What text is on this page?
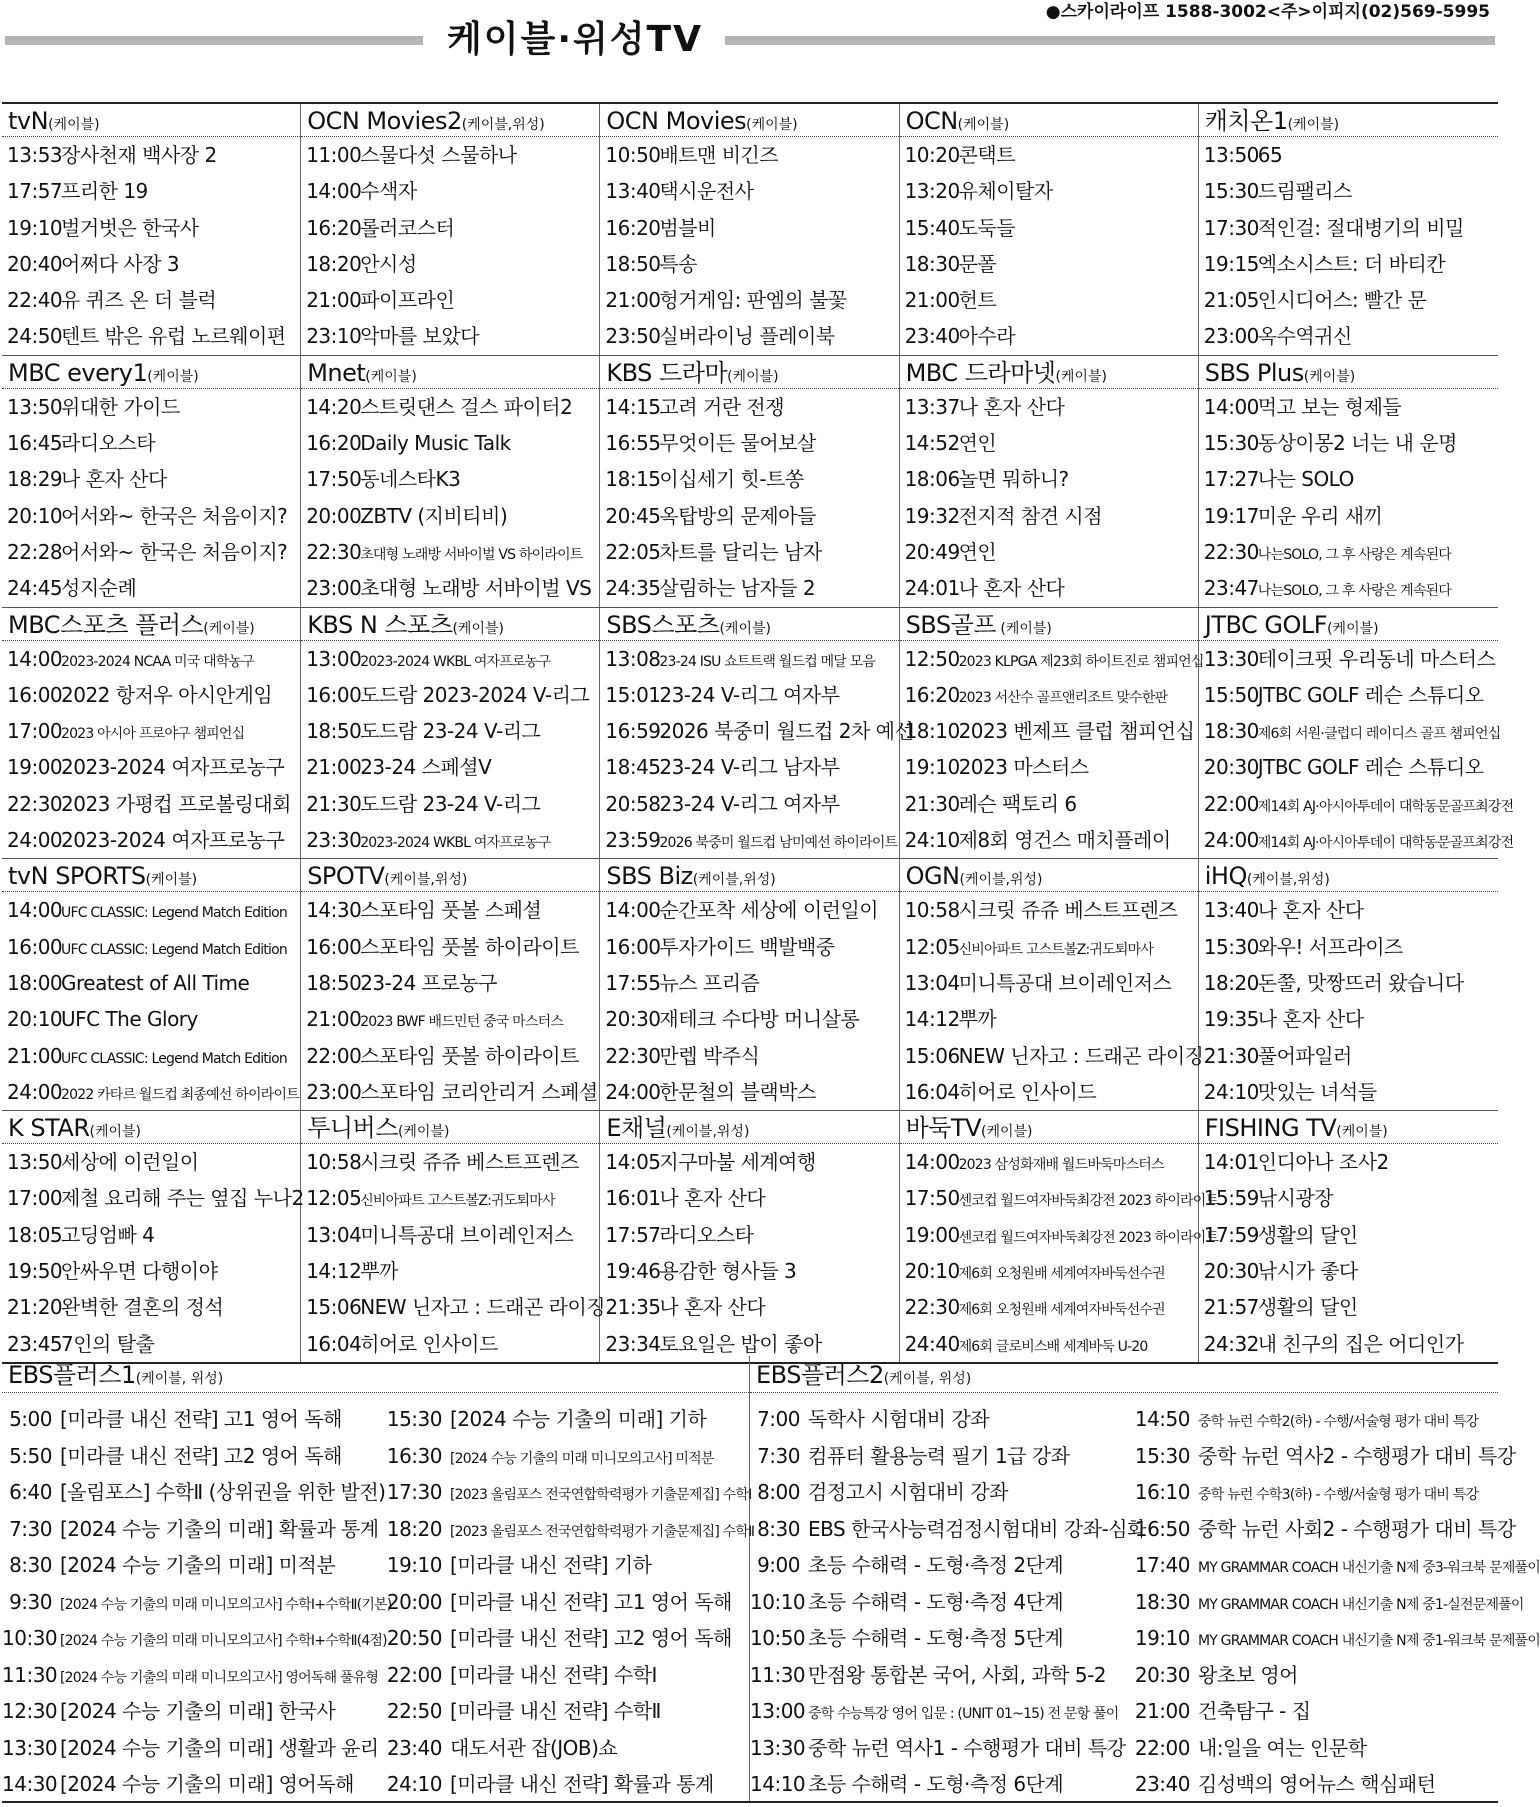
케이블·위성TV
●스카이라이프 1588-3002<주>이피지(02)569-5995
tvN(케이블)
13:53장사천재 백사장 2
17:57프리한 19
19:10벌거벗은 한국사
20:40어쩌다 사장 3
22:40유 퀴즈 온 더 블럭
24:50텐트 밖은 유럽 노르웨이편
OCN Movies2(케이블,위성)
11:00스물다섯 스물하나
14:00수색자
16:20롤러코스터
18:20안시성
21:00파이프라인
23:10악마를 보았다
OCN Movies(케이블)
10:50배트맨 비긴즈
13:40택시운전사
16:20범블비
18:50특송
21:00헝거게임: 판엠의 불꽃
23:50실버라이닝 플레이북
OCN(케이블)
10:20콘택트
13:20유체이탈자
15:40도둑들
18:30문폴
21:00헌트
23:40아수라
캐치온1(케이블)
13:5065
15:30드림팰리스
17:30적인걸: 절대병기의 비밀
19:15엑소시스트: 더 바티칸
21:05인시디어스: 빨간 문
23:00옥수역귀신
MBC every1(케이블)
13:50위대한 가이드
16:45라디오스타
18:29나 혼자 산다
20:10어서와~ 한국은 처음이지?
22:28어서와~ 한국은 처음이지?
24:45성지순례
Mnet(케이블)
14:20스트릿댄스 걸스 파이터2
16:20Daily Music Talk
17:50동네스타K3
20:00ZBTV (지비티비)
22:30초대형 노래방 서바이벌 VS 하이라이트
23:00초대형 노래방 서바이벌 VS
KBS 드라마(케이블)
14:15고려 거란 전쟁
16:55무엇이든 물어보살
18:15이십세기 힛-트쏭
20:45옥탑방의 문제아들
22:05차트를 달리는 남자
24:35살림하는 남자들 2
MBC 드라마넷(케이블)
13:37나 혼자 산다
14:52연인
18:06놀면 뭐하니?
19:32전지적 참견 시점
20:49연인
24:01나 혼자 산다
SBS Plus(케이블)
14:00먹고 보는 형제들
15:30동상이몽2 너는 내 운명
17:27나는 SOLO
19:17미운 우리 새끼
22:30나는SOLO, 그 후 사랑은 계속된다
23:47나는SOLO, 그 후 사랑은 계속된다
MBC스포츠 플러스(케이블)
14:002023-2024 NCAA 미국 대학농구
16:002022 항저우 아시안게임
17:002023 아시아 프로야구 챔피언십
19:002023-2024 여자프로농구
22:302023 가평컵 프로볼링대회
24:002023-2024 여자프로농구
KBS N 스포츠(케이블)
13:002023-2024 WKBL 여자프로농구
16:00도드람 2023-2024 V-리그
18:50도드람 23-24 V-리그
21:0023-24 스페셜V
21:30도드람 23-24 V-리그
23:302023-2024 WKBL 여자프로농구
SBS스포츠(케이블)
13:0823-24 ISU 쇼트트랙 월드컵 메달 모음
15:0123-24 V-리그 여자부
16:592026 북중미 월드컵 2차 예선
18:4523-24 V-리그 남자부
20:5823-24 V-리그 여자부
23:592026 북중미 월드컵 남미예선 하이라이트
SBS골프 (케이블)
12:502023 KLPGA 제23회 하이트진로 챔피언십
16:202023 서산수 골프앤리조트 맞수한판
18:102023 벤제프 클럽 챔피언십
19:102023 마스터스
21:30레슨 팩토리 6
24:10제8회 영건스 매치플레이
JTBC GOLF(케이블)
13:30테이크핏 우리동네 마스터스
15:50JTBC GOLF 레슨 스튜디오
18:30제6회 서원·클럽디 레이디스 골프 챔피언십
20:30JTBC GOLF 레슨 스튜디오
22:00제14회 AJ·아시아투데이 대학동문골프최강전
24:00제14회 AJ·아시아투데이 대학동문골프최강전
tvN SPORTS(케이블)
14:00UFC CLASSIC: Legend Match Edition
16:00UFC CLASSIC: Legend Match Edition
18:00Greatest of All Time
20:10UFC The Glory
21:00UFC CLASSIC: Legend Match Edition
24:002022 카타르 월드컵 최종예선 하이라이트
SPOTV(케이블,위성)
14:30스포타임 풋볼 스페셜
16:00스포타임 풋볼 하이라이트
18:5023-24 프로농구
21:002023 BWF 배드민턴 중국 마스터스
22:00스포타임 풋볼 하이라이트
23:00스포타임 코리안리거 스페셜
SBS Biz(케이블,위성)
14:00순간포착 세상에 이런일이
16:00투자가이드 백발백중
17:55뉴스 프리즘
20:30재테크 수다방 머니살롱
22:30만렙 박주식
24:00한문철의 블랙박스
OGN(케이블,위성)
10:58시크릿 쥬쥬 베스트프렌즈
12:05신비아파트 고스트볼Z:귀도퇴마사
13:04미니특공대 브이레인저스
14:12뿌까
15:06NEW 닌자고 : 드래곤 라이징
16:04히어로 인사이드
iHQ(케이블,위성)
13:40나 혼자 산다
15:30와우! 서프라이즈
18:20돈쭐, 맛짱뜨러 왔습니다
19:35나 혼자 산다
21:30풀어파일러
24:10맛있는 녀석들
K STAR(케이블)
13:50세상에 이런일이
17:00제철 요리해 주는 옆집 누나2
18:05고딩엄빠 4
19:50안싸우면 다행이야
21:20완벽한 결혼의 정석
23:457인의 탈출
투니버스(케이블)
10:58시크릿 쥬쥬 베스트프렌즈
12:05신비아파트 고스트볼Z:귀도퇴마사
13:04미니특공대 브이레인저스
14:12뿌까
15:06NEW 닌자고 : 드래곤 라이징
16:04히어로 인사이드
E채널(케이블,위성)
14:05지구마불 세계여행
16:01나 혼자 산다
17:57라디오스타
19:46용감한 형사들 3
21:35나 혼자 산다
23:34토요일은 밥이 좋아
바둑TV(케이블)
14:002023 삼성화재배 월드바둑마스터스
17:50센코컵 월드여자바둑최강전 2023 하이라이트
19:00센코컵 월드여자바둑최강전 2023 하이라이트
20:10제6회 오청원배 세계여자바둑선수권
22:30제6회 오청원배 세계여자바둑선수권
24:40제6회 글로비스배 세계바둑 U-20
FISHING TV(케이블)
14:01인디아나 조사2
15:59낚시광장
17:59생활의 달인
20:30낚시가 좋다
21:57생활의 달인
24:32내 친구의 집은 어디인가
EBS플러스1(케이블, 위성)
5:00 [미라클 내신 전략] 고1 영어 독해
5:50 [미라클 내신 전략] 고2 영어 독해
6:40 [올림포스] 수학Ⅱ (상위권을 위한 발전)
7:30 [2024 수능 기출의 미래] 확률과 통계
8:30 [2024 수능 기출의 미래] 미적분
9:30 [2024 수능 기출의 미래 미니모의고사] 수학Ⅰ+수학Ⅱ(기본)
10:30 [2024 수능 기출의 미래 미니모의고사] 수학Ⅰ+수학Ⅱ(4점)
11:30 [2024 수능 기출의 미래 미니모의고사] 영어독해 풀유형
12:30 [2024 수능 기출의 미래] 한국사
13:30 [2024 수능 기출의 미래] 생활과 윤리
14:30 [2024 수능 기출의 미래] 영어독해
15:30 [2024 수능 기출의 미래] 기하
16:30 [2024 수능 기출의 미래 미니모의고사] 미적분
17:30 [2023 올림포스 전국연합학력평가 기출문제집] 수학Ⅰ
18:20 [2023 올림포스 전국연합학력평가 기출문제집] 수학Ⅱ
19:10 [미라클 내신 전략] 기하
20:00 [미라클 내신 전략] 고1 영어 독해
20:50 [미라클 내신 전략] 고2 영어 독해
22:00 [미라클 내신 전략] 수학Ⅰ
22:50 [미라클 내신 전략] 수학Ⅱ
23:40 대도서관 잡(JOB)쇼
24:10 [미라클 내신 전략] 확률과 통계
EBS플러스2(케이블, 위성)
7:00 독학사 시험대비 강좌
7:30 컴퓨터 활용능력 필기 1급 강좌
8:00 검정고시 시험대비 강좌
8:30 EBS 한국사능력검정시험대비 강좌-심화
9:00 초등 수해력 - 도형·측정 2단계
10:10 초등 수해력 - 도형·측정 4단계
10:50 초등 수해력 - 도형·측정 5단계
11:30 만점왕 통합본 국어, 사회, 과학 5-2
13:00 중학 수능특강 영어 입문 : (UNIT 01~15) 전 문항 풀이
13:30 중학 뉴런 역사1 - 수행평가 대비 특강
14:10 초등 수해력 - 도형·측정 6단계
14:50 중학 뉴런 수학2(하) - 수행/서술형 평가 대비 특강
15:30 중학 뉴런 역사2 - 수행평가 대비 특강
16:10 중학 뉴런 수학3(하) - 수행/서술형 평가 대비 특강
16:50 중학 뉴런 사회2 - 수행평가 대비 특강
17:40 MY GRAMMAR COACH 내신기출 N제 중3-워크북 문제풀이
18:30 MY GRAMMAR COACH 내신기출 N제 중1-실전문제풀이
19:10 MY GRAMMAR COACH 내신기출 N제 중1-워크북 문제풀이
20:30 왕초보 영어
21:00 건축탐구 - 집
22:00 내:일을 여는 인문학
23:40 김성백의 영어뉴스 핵심패턴
